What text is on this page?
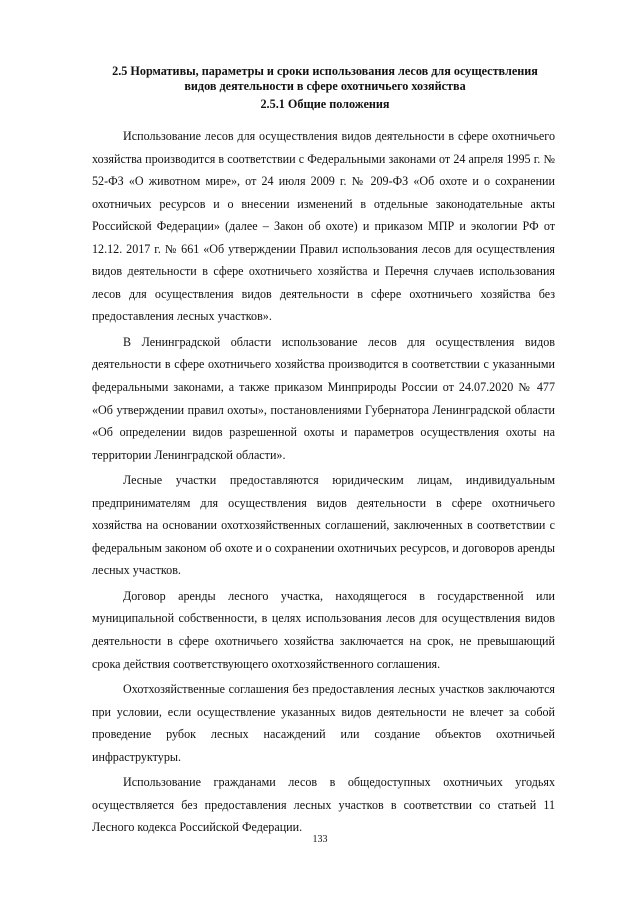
2.5 Нормативы, параметры и сроки использования лесов для осуществления видов деятельности в сфере охотничьего хозяйства
2.5.1 Общие положения

Использование лесов для осуществления видов деятельности в сфере охотничьего хозяйства производится в соответствии с Федеральными законами от 24 апреля 1995 г. № 52-ФЗ «О животном мире», от 24 июля 2009 г. № 209-ФЗ «Об охоте и о сохранении охотничьих ресурсов и о внесении изменений в отдельные законодательные акты Российской Федерации» (далее – Закон об охоте) и приказом МПР и экологии РФ от 12.12. 2017 г. № 661 «Об утверждении Правил использования лесов для осуществления видов деятельности в сфере охотничьего хозяйства и Перечня случаев использования лесов для осуществления видов деятельности в сфере охотничьего хозяйства без предоставления лесных участков».

В Ленинградской области использование лесов для осуществления видов деятельности в сфере охотничьего хозяйства производится в соответствии с указанными федеральными законами, а также приказом Минприроды России от 24.07.2020 № 477 «Об утверждении правил охоты», постановлениями Губернатора Ленинградской области «Об определении видов разрешенной охоты и параметров осуществления охоты на территории Ленинградской области».

Лесные участки предоставляются юридическим лицам, индивидуальным предпринимателям для осуществления видов деятельности в сфере охотничьего хозяйства на основании охотхозяйственных соглашений, заключенных в соответствии с федеральным законом об охоте и о сохранении охотничьих ресурсов, и договоров аренды лесных участков.

Договор аренды лесного участка, находящегося в государственной или муниципальной собственности, в целях использования лесов для осуществления видов деятельности в сфере охотничьего хозяйства заключается на срок, не превышающий срока действия соответствующего охотхозяйственного соглашения.

Охотхозяйственные соглашения без предоставления лесных участков заключаются при условии, если осуществление указанных видов деятельности не влечет за собой проведение рубок лесных насаждений или создание объектов охотничьей инфраструктуры.

Использование гражданами лесов в общедоступных охотничьих угодьях осуществляется без предоставления лесных участков в соответствии со статьей 11 Лесного кодекса Российской Федерации.

133
